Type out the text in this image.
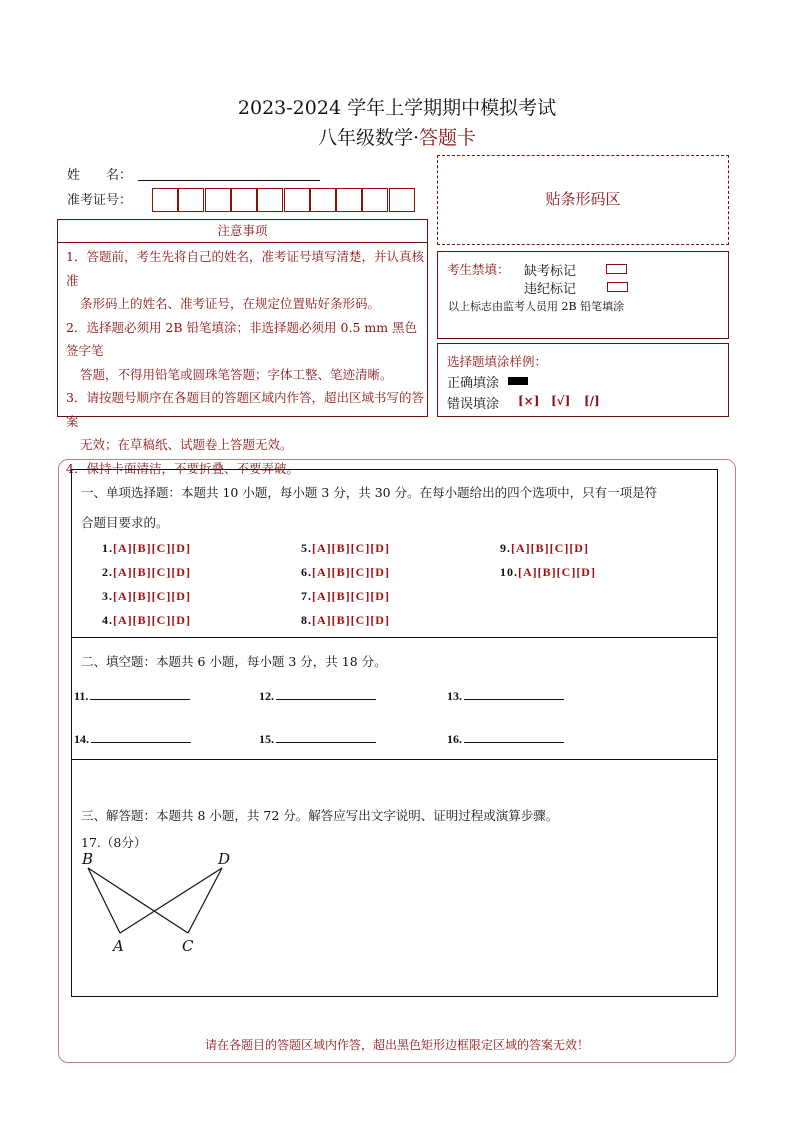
2023-2024 学年上学期期中模拟考试
八年级数学·答题卡
姓　　名：
准考证号：
注意事项

1．答题前，考生先将自己的姓名，准考证号填写清楚，并认真核准

条形码上的姓名、准考证号，在规定位置贴好条形码。

2．选择题必须用 2B 铅笔填涂；非选择题必须用 0.5 mm 黑色签字笔

答题，不得用铅笔或圆珠笔答题；字体工整、笔迹清晰。

3．请按题号顺序在各题目的答题区域内作答，超出区域书写的答案

无效；在草稿纸、试题卷上答题无效。

4．保持卡面清洁，不要折叠、不要弄破。

贴条形码区
考生禁填： 缺考标记
违纪标记
以上标志由监考人员用 2B 铅笔填涂
选择题填涂样例：
正确填涂
错误填涂 [×] [√] [/]
一、单项选择题：本题共 10 小题，每小题 3 分，共 30 分。在每小题给出的四个选项中，只有一项是符
合题目要求的。
1.[A][B][C][D]
2.[A][B][C][D]
3.[A][B][C][D]
4.[A][B][C][D]
5.[A][B][C][D]
6.[A][B][C][D]
7.[A][B][C][D]
8.[A][B][C][D]
9.[A][B][C][D]
10.[A][B][C][D]
二、填空题：本题共 6 小题，每小题 3 分，共 18 分。
11.	12.	13.
14.	15.	16.
三、解答题：本题共 8 小题，共 72 分。解答应写出文字说明、证明过程或演算步骤。
17.（8分）
B	D
A	C
请在各题目的答题区域内作答，超出黑色矩形边框限定区域的答案无效！
